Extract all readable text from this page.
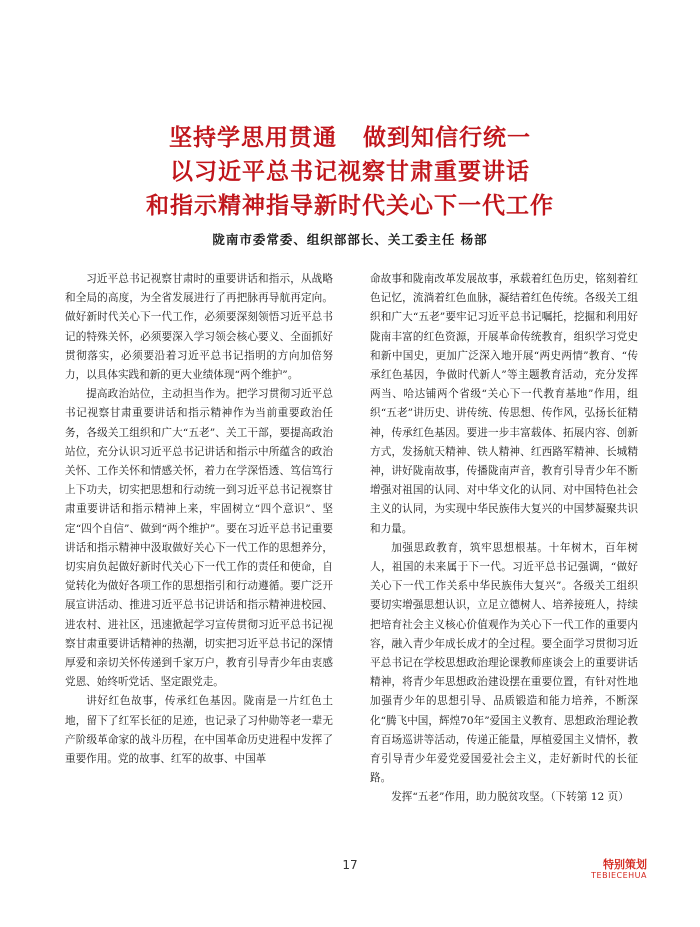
坚持学思用贯通 做到知信行统一
以习近平总书记视察甘肃重要讲话
和指示精神指导新时代关心下一代工作
陇南市委常委、组织部部长、关工委主任 杨部

习近平总书记视察甘肃时的重要讲话和指示，从战略和全局的高度，为全省发展进行了再把脉再导航再定向。做好新时代关心下一代工作，必须要深刻领悟习近平总书记的特殊关怀，必须要深入学习领会核心要义、全面抓好贯彻落实，必须要沿着习近平总书记指明的方向加倍努力，以具体实践和新的更大业绩体现“两个维护”。

提高政治站位，主动担当作为。把学习贯彻习近平总书记视察甘肃重要讲话和指示精神作为当前重要政治任务，各级关工组织和广大“五老”、关工干部，要提高政治站位，充分认识习近平总书记讲话和指示中所蕴含的政治关怀、工作关怀和情感关怀，着力在学深悟透、笃信笃行上下功夫，切实把思想和行动统一到习近平总书记视察甘肃重要讲话和指示精神上来，牢固树立“四个意识”、坚定“四个自信”、做到“两个维护”。要在习近平总书记重要讲话和指示精神中汲取做好关心下一代工作的思想养分，切实肩负起做好新时代关心下一代工作的责任和使命，自觉转化为做好各项工作的思想指引和行动遵循。要广泛开展宣讲活动、推进习近平总书记讲话和指示精神进校园、进农村、进社区，迅速掀起学习宣传贯彻习近平总书记视察甘肃重要讲话精神的热潮，切实把习近平总书记的深情厚爱和亲切关怀传递到千家万户，教育引导青少年由衷感党恩、始终听党话、坚定跟党走。

讲好红色故事，传承红色基因。陇南是一片红色土地，留下了红军长征的足迹，也记录了习仲勋等老一辈无产阶级革命家的战斗历程，在中国革命历史进程中发挥了重要作用。党的故事、红军的故事、中国革

命故事和陇南改革发展故事，承载着红色历史，铭刻着红色记忆，流淌着红色血脉，凝结着红色传统。各级关工组织和广大“五老”要牢记习近平总书记嘱托，挖掘和利用好陇南丰富的红色资源，开展革命传统教育，组织学习党史和新中国史，更加广泛深入地开展“两史两情”教育、“传承红色基因，争做时代新人”等主题教育活动，充分发挥两当、哈达铺两个省级“关心下一代教育基地”作用，组织“五老”讲历史、讲传统、传思想、传作风，弘扬长征精神，传承红色基因。要进一步丰富载体、拓展内容、创新方式，发扬航天精神、铁人精神、红西路军精神、长城精神，讲好陇南故事，传播陇南声音，教育引导青少年不断增强对祖国的认同、对中华文化的认同、对中国特色社会主义的认同，为实现中华民族伟大复兴的中国梦凝聚共识和力量。

加强思政教育，筑牢思想根基。十年树木，百年树人，祖国的未来属于下一代。习近平总书记强调，“做好关心下一代工作关系中华民族伟大复兴”。各级关工组织要切实增强思想认识，立足立德树人、培养接班人，持续把培育社会主义核心价值观作为关心下一代工作的重要内容，融入青少年成长成才的全过程。要全面学习贯彻习近平总书记在学校思想政治理论课教师座谈会上的重要讲话精神，将青少年思想政治建设摆在重要位置，有针对性地加强青少年的思想引导、品质锻造和能力培养，不断深化“腾飞中国，辉煌70年”爱国主义教育、思想政治理论教育百场巡讲等活动，传递正能量，厚植爱国主义情怀，教育引导青少年爱党爱国爱社会主义，走好新时代的长征路。

发挥“五老”作用，助力脱贫攻坚。（下转第 12 页）

17	特别策划
TEBIECEHUA
